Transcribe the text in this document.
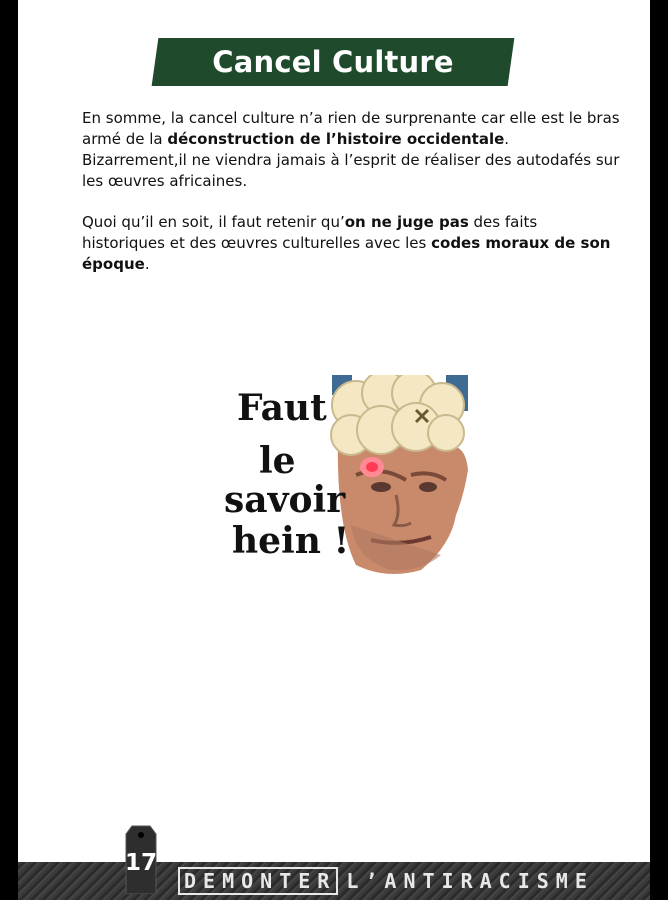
Cancel Culture

En somme, la cancel culture n’a rien de surprenante car elle est le bras armé de la déconstruction de l’histoire occidentale.
Bizarrement,il ne viendra jamais à l’esprit de réaliser des autodafés sur les œuvres africaines.

Quoi qu’il en soit, il faut retenir qu’on ne juge pas des faits historiques et des œuvres culturelles avec les codes moraux de son époque.

Faut
le
savoir
hein !
17
DEMONTER L’ANTIRACISME
